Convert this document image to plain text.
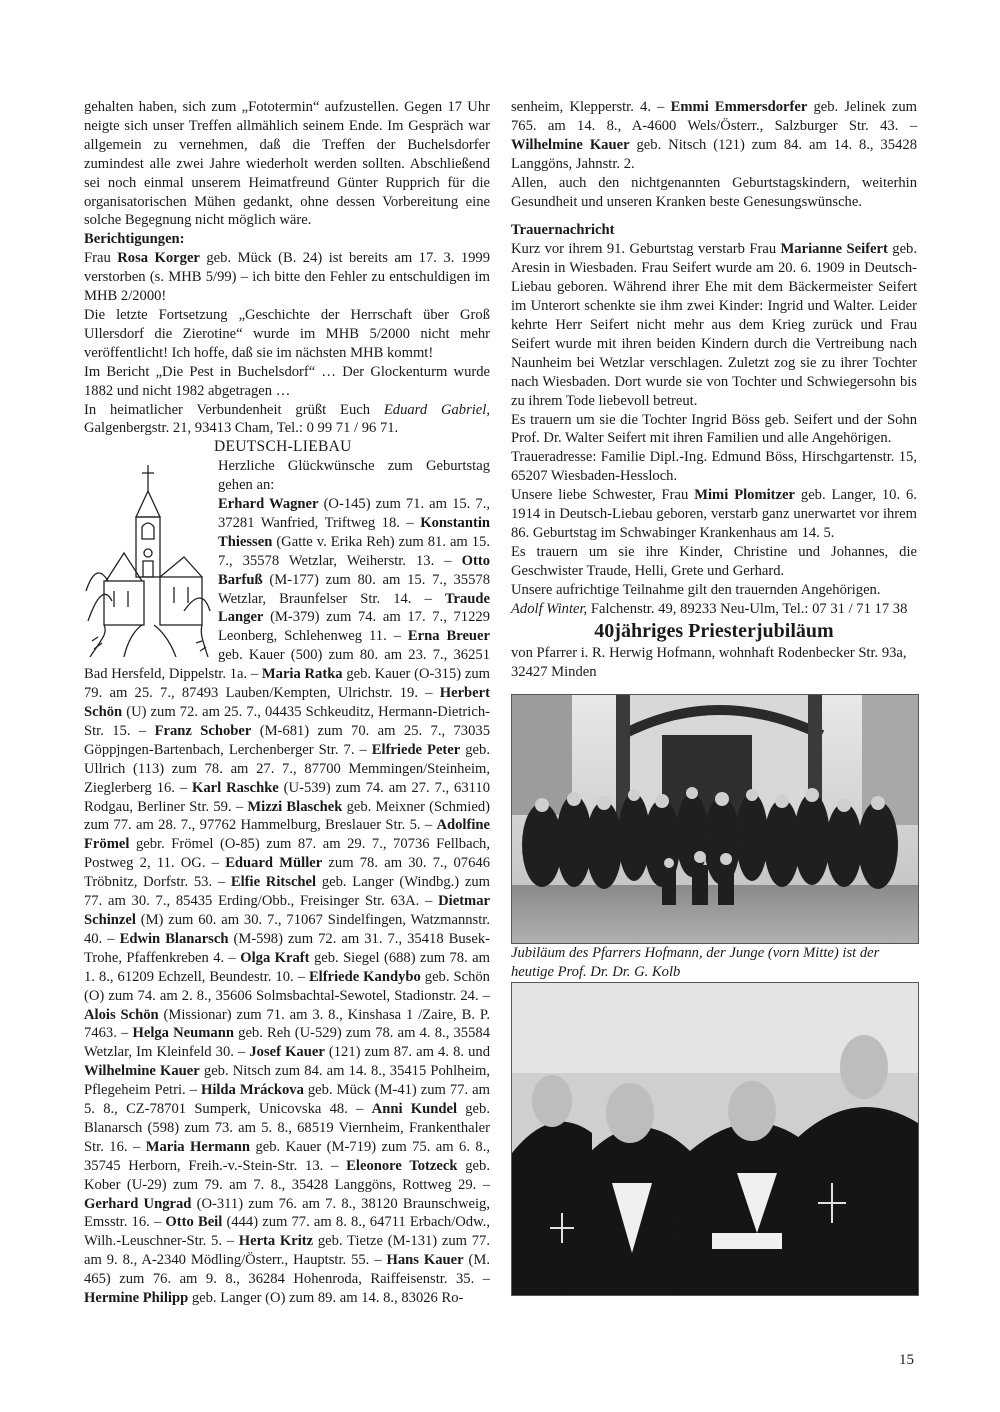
gehalten haben, sich zum „Fototermin“ aufzustellen. Gegen 17 Uhr neigte sich unser Treffen allmählich seinem Ende. Im Gespräch war allgemein zu vernehmen, daß die Treffen der Buchelsdorfer zumindest alle zwei Jahre wiederholt werden sollten. Abschließend sei noch einmal unserem Heimatfreund Günter Rupprich für die organisatorischen Mühen gedankt, ohne dessen Vorbereitung eine solche Begegnung nicht möglich wäre.

Berichtigungen:

Frau Rosa Korger geb. Mück (B. 24) ist bereits am 17. 3. 1999 verstorben (s. MHB 5/99) – ich bitte den Fehler zu entschuldigen im MHB 2/2000!

Die letzte Fortsetzung „Geschichte der Herrschaft über Groß Ullersdorf die Zierotine“ wurde im MHB 5/2000 nicht mehr veröffentlicht! Ich hoffe, daß sie im nächsten MHB kommt!

Im Bericht „Die Pest in Buchelsdorf“ … Der Glockenturm wurde 1882 und nicht 1982 abgetragen …

In heimatlicher Verbundenheit grüßt Euch Eduard Gabriel, Galgenbergstr. 21, 93413 Cham, Tel.: 0 99 71 / 96 71.

DEUTSCH-LIEBAU

Herzliche Glückwünsche zum Geburtstag gehen an:

Erhard Wagner (O-145) zum 71. am 15. 7., 37281 Wanfried, Triftweg 18. – Konstantin Thiessen (Gatte v. Erika Reh) zum 81. am 15. 7., 35578 Wetzlar, Weiherstr. 13. – Otto Barfuß (M-177) zum 80. am 15. 7., 35578 Wetzlar, Braunfelser Str. 14. – Traude Langer (M-379) zum 74. am 17. 7., 71229 Leonberg, Schlehenweg 11. – Erna Breuer geb. Kauer (500) zum 80. am 23. 7., 36251 Bad Hersfeld, Dippelstr. 1a. – Maria Ratka geb. Kauer (O-315) zum 79. am 25. 7., 87493 Lauben/Kempten, Ulrichstr. 19. – Herbert Schön (U) zum 72. am 25. 7., 04435 Schkeuditz, Hermann-Dietrich-Str. 15. – Franz Schober (M-681) zum 70. am 25. 7., 73035 Göppjngen-Bartenbach, Lerchenberger Str. 7. – Elfriede Peter geb. Ullrich (113) zum 78. am 27. 7., 87700 Memmingen/Steinheim, Zieglerberg 16. – Karl Raschke (U-539) zum 74. am 27. 7., 63110 Rodgau, Berliner Str. 59. – Mizzi Blaschek geb. Meixner (Schmied) zum 77. am 28. 7., 97762 Hammelburg, Breslauer Str. 5. – Adolfine Frömel gebr. Frömel (O-85) zum 87. am 29. 7., 70736 Fellbach, Postweg 2, 11. OG. – Eduard Müller zum 78. am 30. 7., 07646 Tröbnitz, Dorfstr. 53. – Elfie Ritschel geb. Langer (Windbg.) zum 77. am 30. 7., 85435 Erding/Obb., Freisinger Str. 63A. – Dietmar Schinzel (M) zum 60. am 30. 7., 71067 Sindelfingen, Watzmannstr. 40. – Edwin Blanarsch (M-598) zum 72. am 31. 7., 35418 Busek-Trohe, Pfaffenkreben 4. – Olga Kraft geb. Siegel (688) zum 78. am 1. 8., 61209 Echzell, Beundestr. 10. – Elfriede Kandybo geb. Schön (O) zum 74. am 2. 8., 35606 Solmsbachtal-Sewotel, Stadionstr. 24. – Alois Schön (Missionar) zum 71. am 3. 8., Kinshasa 1 /Zaire, B. P. 7463. – Helga Neumann geb. Reh (U-529) zum 78. am 4. 8., 35584 Wetzlar, Im Kleinfeld 30. – Josef Kauer (121) zum 87. am 4. 8. und Wilhelmine Kauer geb. Nitsch zum 84. am 14. 8., 35415 Pohlheim, Pflegeheim Petri. – Hilda Mráckova geb. Mück (M-41) zum 77. am 5. 8., CZ-78701 Sumperk, Unicovska 48. – Anni Kundel geb. Blanarsch (598) zum 73. am 5. 8., 68519 Viernheim, Frankenthaler Str. 16. – Maria Hermann geb. Kauer (M-719) zum 75. am 6. 8., 35745 Herborn, Freih.-v.-Stein-Str. 13. – Eleonore Totzeck geb. Kober (U-29) zum 79. am 7. 8., 35428 Langgöns, Rottweg 29. – Gerhard Ungrad (O-311) zum 76. am 7. 8., 38120 Braunschweig, Emsstr. 16. – Otto Beil (444) zum 77. am 8. 8., 64711 Erbach/Odw., Wilh.-Leuschner-Str. 5. – Herta Kritz geb. Tietze (M-131) zum 77. am 9. 8., A-2340 Mödling/Österr., Hauptstr. 55. – Hans Kauer (M. 465) zum 76. am 9. 8., 36284 Hohenroda, Raiffeisenstr. 35. – Hermine Philipp geb. Langer (O) zum 89. am 14. 8., 83026 Ro-

senheim, Klepperstr. 4. – Emmi Emmersdorfer geb. Jelinek zum 765. am 14. 8., A-4600 Wels/Österr., Salzburger Str. 43. – Wilhelmine Kauer geb. Nitsch (121) zum 84. am 14. 8., 35428 Langgöns, Jahnstr. 2.

Allen, auch den nichtgenannten Geburtstagskindern, weiterhin Gesundheit und unseren Kranken beste Genesungswünsche.

Trauernachricht

Kurz vor ihrem 91. Geburtstag verstarb Frau Marianne Seifert geb. Aresin in Wiesbaden. Frau Seifert wurde am 20. 6. 1909 in Deutsch-Liebau geboren. Während ihrer Ehe mit dem Bäckermeister Seifert im Unterort schenkte sie ihm zwei Kinder: Ingrid und Walter. Leider kehrte Herr Seifert nicht mehr aus dem Krieg zurück und Frau Seifert wurde mit ihren beiden Kindern durch die Vertreibung nach Naunheim bei Wetzlar verschlagen. Zuletzt zog sie zu ihrer Tochter nach Wiesbaden. Dort wurde sie von Tochter und Schwiegersohn bis zu ihrem Tode liebevoll betreut.

Es trauern um sie die Tochter Ingrid Böss geb. Seifert und der Sohn Prof. Dr. Walter Seifert mit ihren Familien und alle Angehörigen.

Traueradresse: Familie Dipl.-Ing. Edmund Böss, Hirschgartenstr. 15, 65207 Wiesbaden-Hessloch.

Unsere liebe Schwester, Frau Mimi Plomitzer geb. Langer, 10. 6. 1914 in Deutsch-Liebau geboren, verstarb ganz unerwartet vor ihrem 86. Geburtstag im Schwabinger Krankenhaus am 14. 5.

Es trauern um sie ihre Kinder, Christine und Johannes, die Geschwister Traude, Helli, Grete und Gerhard.

Unsere aufrichtige Teilnahme gilt den trauernden Angehörigen.

Adolf Winter, Falchenstr. 49, 89233 Neu-Ulm, Tel.: 07 31 / 71 17 38

40jähriges Priesterjubiläum

von Pfarrer i. R. Herwig Hofmann, wohnhaft Rodenbecker Str. 93a, 32427 Minden

Jubiläum des Pfarrers Hofmann, der Junge (vorn Mitte) ist der heutige Prof. Dr. Dr. G. Kolb

15
